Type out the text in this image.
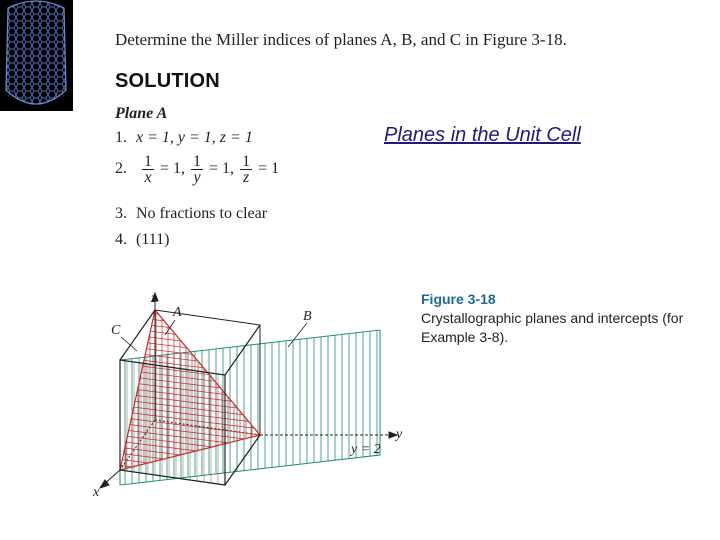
Determine the Miller indices of planes A, B, and C in Figure 3-18.
SOLUTION
Plane A
1. x = 1, y = 1, z = 1
2. $\frac{1}{x} = 1$, $\frac{1}{y} = 1$, $\frac{1}{z} = 1$
3. No fractions to clear
4. (111)
Planes in the Unit Cell
z
A
C
B
y
y = 2
x
Figure 3-18
Crystallographic planes and intercepts (for Example 3-8).
